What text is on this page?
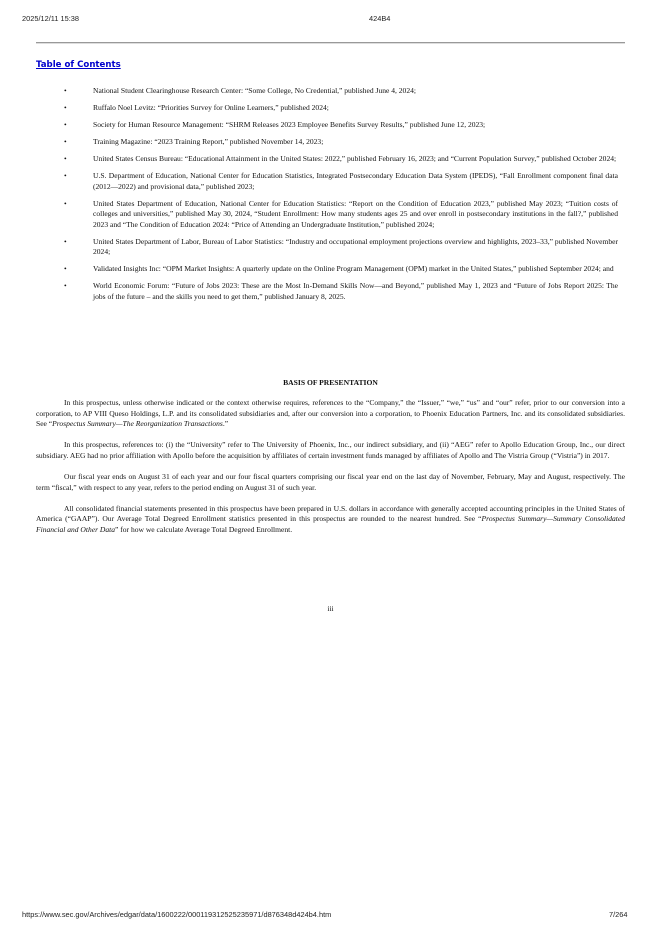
2025/12/11 15:38	424B4
Table of Contents
•	National Student Clearinghouse Research Center: “Some College, No Credential,” published June 4, 2024;
•	Ruffalo Noel Levitz: “Priorities Survey for Online Learners,” published 2024;
•	Society for Human Resource Management: “SHRM Releases 2023 Employee Benefits Survey Results,” published June 12, 2023;
•	Training Magazine: “2023 Training Report,” published November 14, 2023;
•	United States Census Bureau: “Educational Attainment in the United States: 2022,” published February 16, 2023; and “Current Population Survey,” published October 2024;
•	U.S. Department of Education, National Center for Education Statistics, Integrated Postsecondary Education Data System (IPEDS), “Fall Enrollment component final data (2012—2022) and provisional data,” published 2023;
•	United States Department of Education, National Center for Education Statistics: “Report on the Condition of Education 2023,” published May 2023; “Tuition costs of colleges and universities,” published May 30, 2024, “Student Enrollment: How many students ages 25 and over enroll in postsecondary institutions in the fall?,” published 2023 and “The Condition of Education 2024: “Price of Attending an Undergraduate Institution,” published 2024;
•	United States Department of Labor, Bureau of Labor Statistics: “Industry and occupational employment projections overview and highlights, 2023–33,” published November 2024;
•	Validated Insights Inc: “OPM Market Insights: A quarterly update on the Online Program Management (OPM) market in the United States,” published September 2024; and
•	World Economic Forum: “Future of Jobs 2023: These are the Most In-Demand Skills Now—and Beyond,” published May 1, 2023 and “Future of Jobs Report 2025: The jobs of the future – and the skills you need to get them,” published January 8, 2025.
BASIS OF PRESENTATION

In this prospectus, unless otherwise indicated or the context otherwise requires, references to the “Company,” the “Issuer,” “we,” “us” and “our” refer, prior to our conversion into a corporation, to AP VIII Queso Holdings, L.P. and its consolidated subsidiaries and, after our conversion into a corporation, to Phoenix Education Partners, Inc. and its consolidated subsidiaries. See “Prospectus Summary—The Reorganization Transactions.”

In this prospectus, references to: (i) the “University” refer to The University of Phoenix, Inc., our indirect subsidiary, and (ii) “AEG” refer to Apollo Education Group, Inc., our direct subsidiary. AEG had no prior affiliation with Apollo before the acquisition by affiliates of certain investment funds managed by affiliates of Apollo and The Vistria Group (“Vistria”) in 2017.

Our fiscal year ends on August 31 of each year and our four fiscal quarters comprising our fiscal year end on the last day of November, February, May and August, respectively. The term “fiscal,” with respect to any year, refers to the period ending on August 31 of such year.

All consolidated financial statements presented in this prospectus have been prepared in U.S. dollars in accordance with generally accepted accounting principles in the United States of America (“GAAP”). Our Average Total Degreed Enrollment statistics presented in this prospectus are rounded to the nearest hundred. See “Prospectus Summary—Summary Consolidated Financial and Other Data” for how we calculate Average Total Degreed Enrollment.

iii
https://www.sec.gov/Archives/edgar/data/1600222/000119312525235971/d876348d424b4.htm	7/264
